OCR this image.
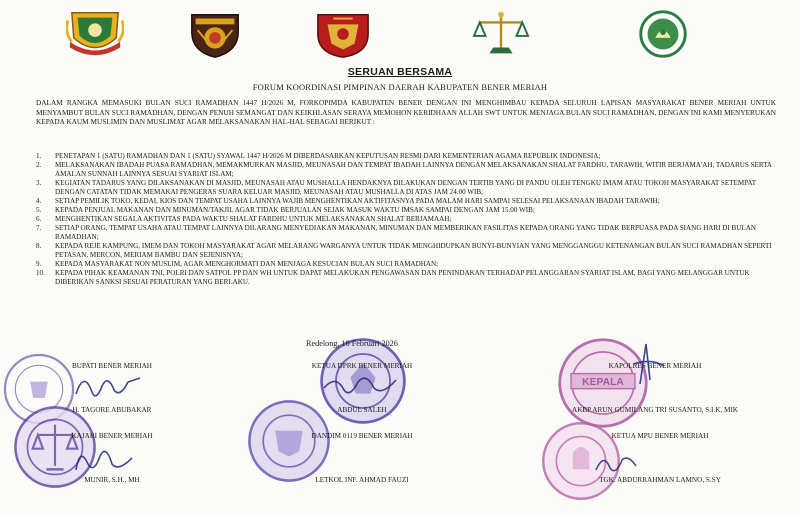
SERUAN BERSAMA
FORUM KOORDINASI PIMPINAN DAERAH KABUPATEN BENER MERIAH

DALAM RANGKA MEMASUKI BULAN SUCI RAMADHAN 1447 H/2026 M, FORKOPIMDA KABUPATEN BENER DENGAN INI MENGHIMBAU KEPADA SELURUH LAPISAN MASYARAKAT BENER MERIAH UNTUK MENYAMBUT BULAN SUCI RAMADHAN, DENGAN PENUH SEMANGAT DAN KEIKHLASAN SERAYA MEMOHON KERIDHAAN ALLAH SWT UNTUK MENJAGA BULAN SUCI RAMADHAN, DENGAN INI KAMI MENYERUKAN KEPADA KAUM MUSLIMIN DAN MUSLIMAT AGAR MELAKSANAKAN HAL-HAL SEBAGAI BERIKUT :

1.	PENETAPAN 1 (SATU) RAMADHAN DAN 1 (SATU) SYAWAL 1447 H/2026 M DIBERDASARKAN KEPUTUSAN RESMI DARI KEMENTERIAN AGAMA REPUBLIK INDONESIA;
2.	MELAKSANAKAN IBADAH PUASA RAMADHAN, MEMAKMURKAN MASJID, MEUNASAH DAN TEMPAT IBADAH LAINNYA DENGAN MELAKSANAKAN SHALAT FARDHU, TARAWIH, WITIR BERJAMA'AH, TADARUS SERTA AMALAN SUNNAH LAINNYA SESUAI SYARIAT ISLAM;
3.	KEGIATAN TADARUS YANG DILAKSANAKAN DI MASJID, MEUNASAH ATAU MUSHALLA HENDAKNYA DILAKUKAN DENGAN TERTIB YANG DI PANDU OLEH TENGKU IMAM ATAU TOKOH MASYARAKAT SETEMPAT DENGAN CATATAN TIDAK MEMAKAI PENGERAS SUARA KELUAR MASJID, MEUNASAH ATAU MUSHALLA DI ATAS JAM 24.00 WIB;
4.	SETIAP PEMILIK TOKO, KEDAI, KIOS DAN TEMPAT USAHA LAINNYA WAJIB MENGHENTIKAN AKTIFITASNYA PADA MALAM HARI SAMPAI SELESAI PELAKSANAAN IBADAH TARAWIH;
5.	KEPADA PENJUAL MAKANAN DAN MINUMAN/TAKJIL AGAR TIDAK BERJUALAN SEJAK MASUK WAKTU IMSAK SAMPAI DENGAN JAM 15.00 WIB;
6.	MENGHENTIKAN SEGALA AKTIVITAS PADA WAKTU SHALAT FARDHU UNTUK MELAKSANAKAN SHALAT BERJAMAAH;
7.	SETIAP ORANG, TEMPAT USAHA ATAU TEMPAT LAINNYA DILARANG MENYEDIAKAN MAKANAN, MINUMAN DAN MEMBERIKAN FASILITAS KEPADA ORANG YANG TIDAK BERPUASA PADA SIANG HARI DI BULAN RAMADHAN;
8.	KEPADA REJE KAMPUNG, IMEM DAN TOKOH MASYARAKAT AGAR MELARANG WARGANYA UNTUK TIDAK MENGHIDUPKAN BUNYI-BUNYIAN YANG MENGGANGGU KETENANGAN BULAN SUCI RAMADHAN SEPERTI PETASAN, MERCON, MERIAM BAMBU DAN SEJENISNYA;
9.	KEPADA MASYARAKAT NON MUSLIM, AGAR MENGHORMATI DAN MENJAGA KESUCIAN BULAN SUCI RAMADHAN;
10.	KEPADA PIHAK KEAMANAN TNI, POLRI DAN SATPOL PP DAN WH UNTUK DAPAT MELAKUKAN PENGAWASAN DAN PENINDAKAN TERHADAP PELANGGARAN SYARIAT ISLAM, BAGI YANG MELANGGAR UNTUK DIBERIKAN SANKSI SESUAI PERATURAN YANG BERLAKU.
KEPALA
Redelong, 10 Februari 2026
BUPATI BENER MERIAH
H. TAGORE ABUBAKAR
KETUA DPRK BENER MERIAH
ABDUL SALEH
KAPOLRES BENER MERIAH
AKBP ARUN GUMILANG TRI SUSANTO, S.I.K, MIK
KAJARI BENER MERIAH
MUNIR, S.H., MH
DANDIM 0119 BENER MERIAH
LETKOL INF. AHMAD FAUZI
KETUA MPU BENER MERIAH
TGK. ABDURRAHMAN LAMNO, S.SY
